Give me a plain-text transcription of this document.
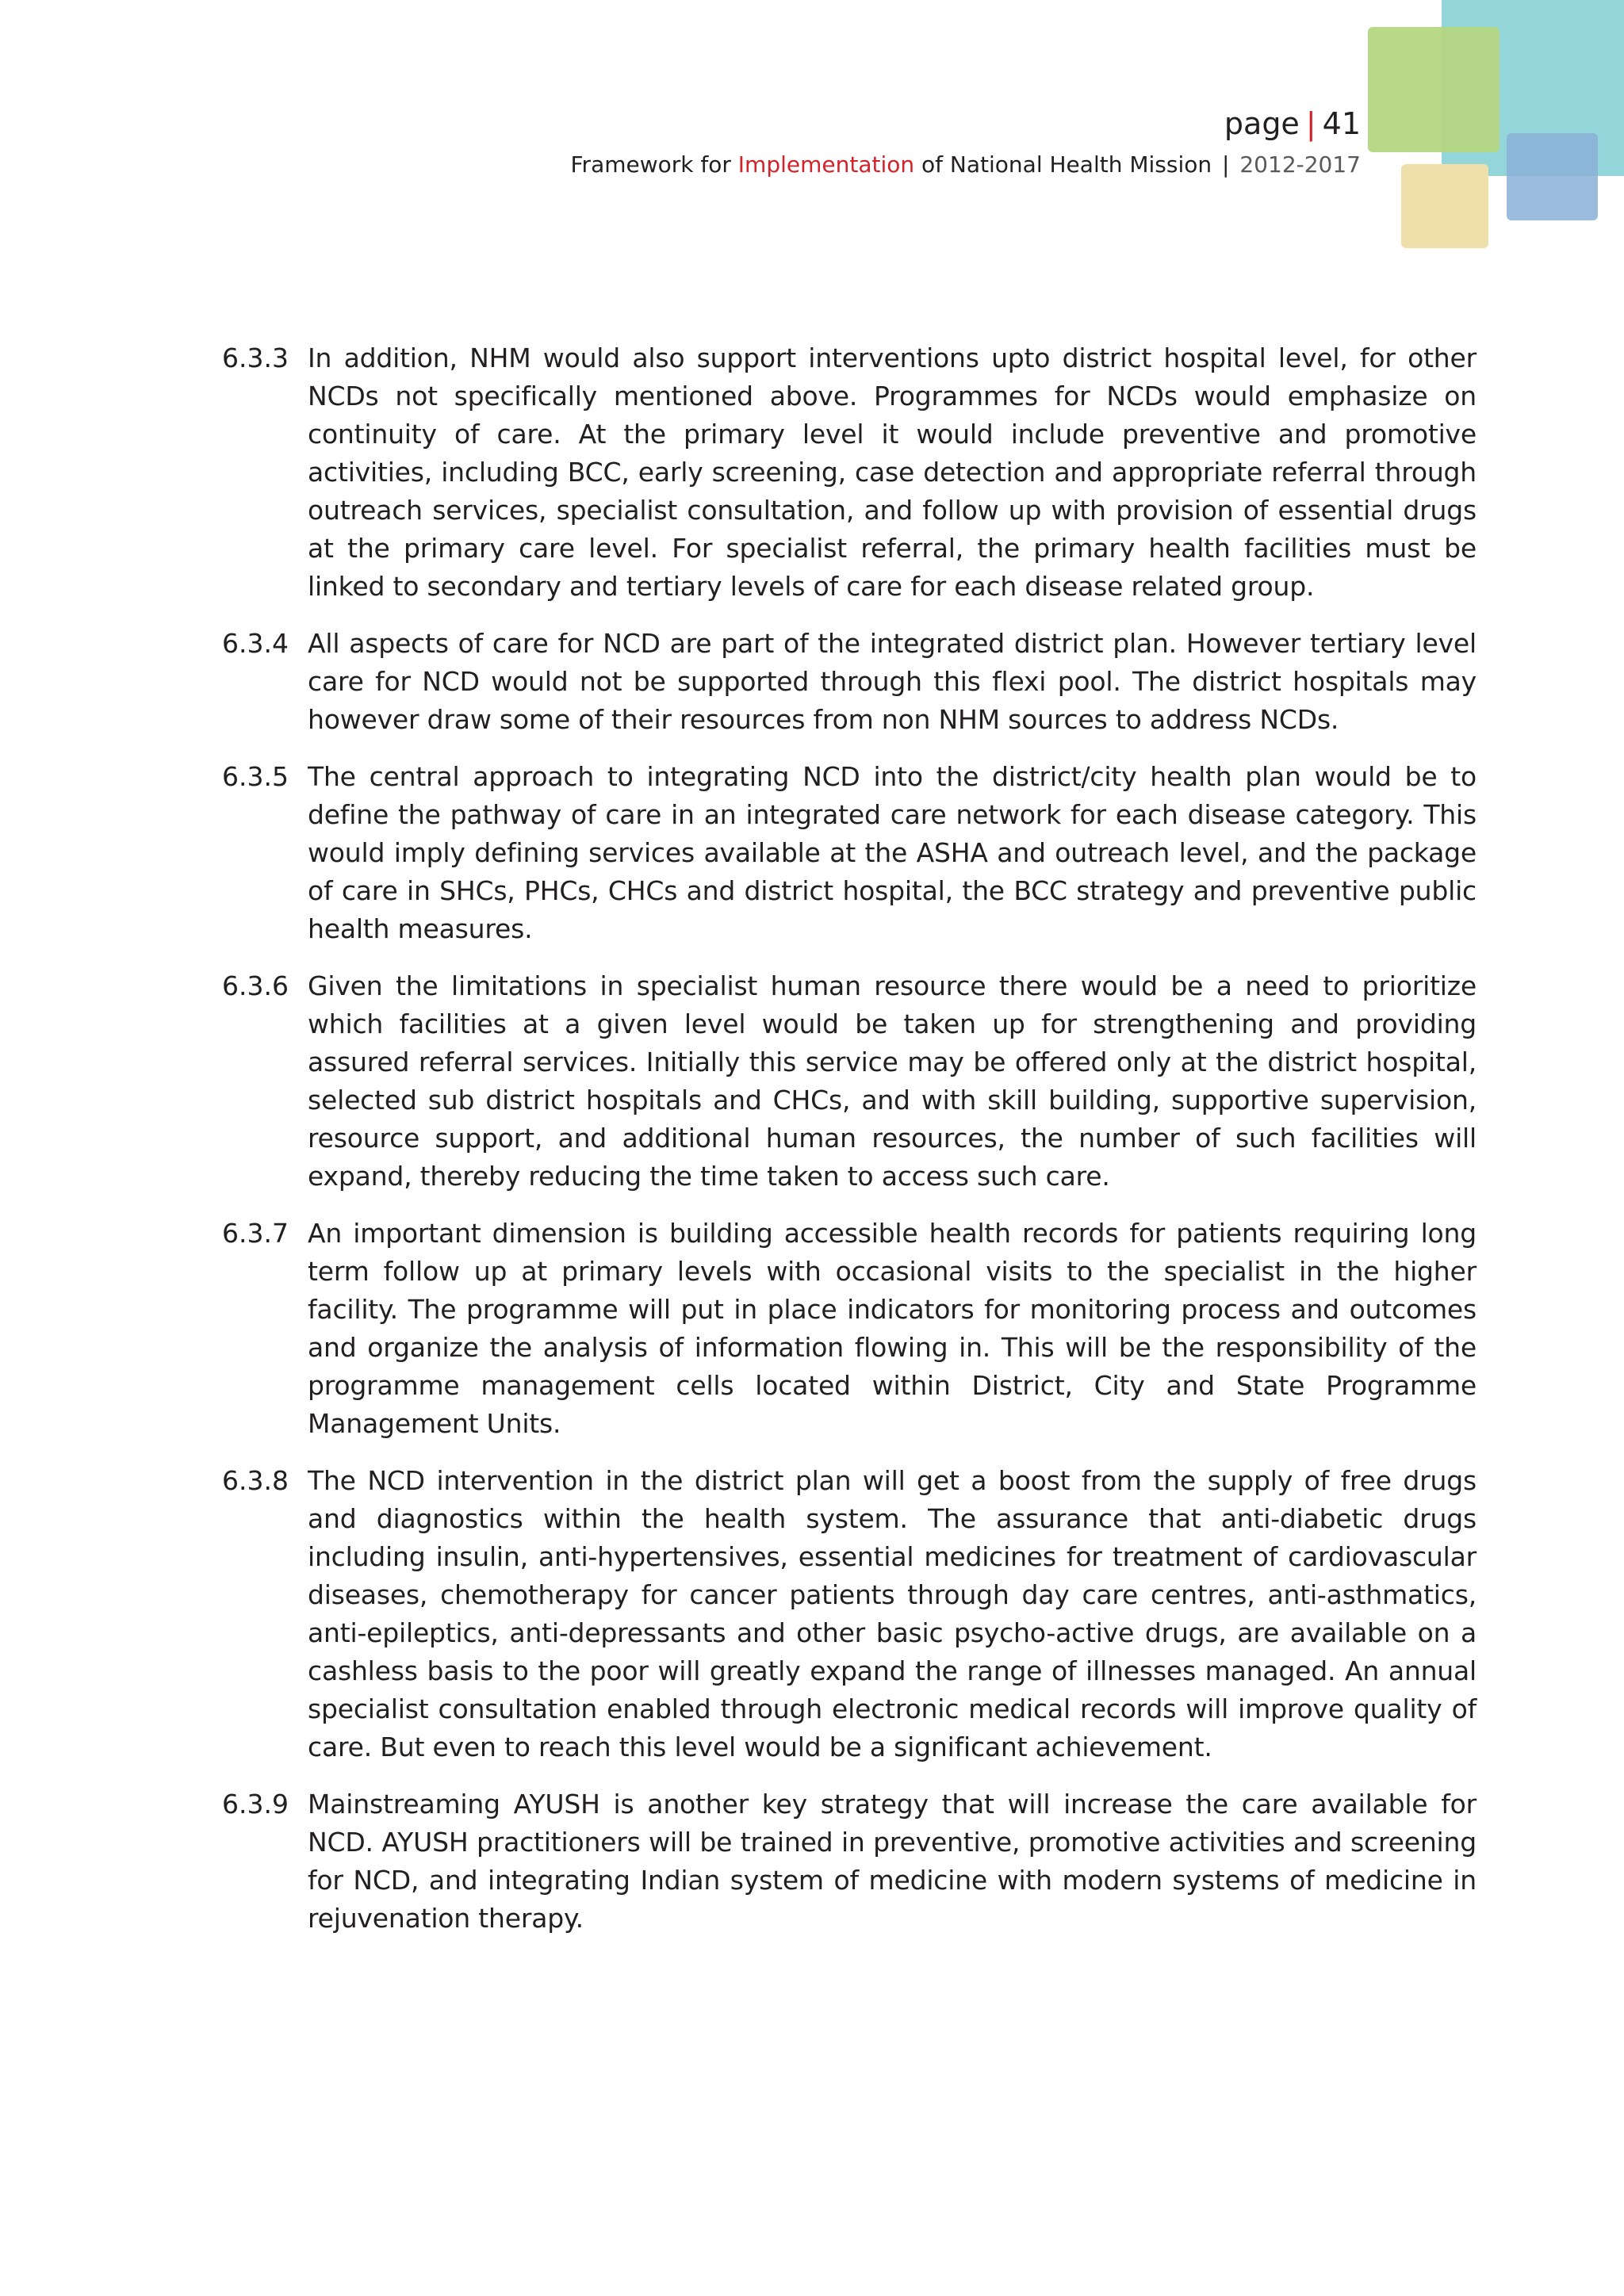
page | 41
Framework for Implementation of National Health Mission | 2012-2017
6.3.3 In addition, NHM would also support interventions upto district hospital level, for other NCDs not specifically mentioned above. Programmes for NCDs would emphasize on continuity of care. At the primary level it would include preventive and promotive activities, including BCC, early screening, case detection and appropriate referral through outreach services, specialist consultation, and follow up with provision of essential drugs at the primary care level. For specialist referral, the primary health facilities must be linked to secondary and tertiary levels of care for each disease related group.
6.3.4 All aspects of care for NCD are part of the integrated district plan. However tertiary level care for NCD would not be supported through this flexi pool. The district hospitals may however draw some of their resources from non NHM sources to address NCDs.
6.3.5 The central approach to integrating NCD into the district/city health plan would be to define the pathway of care in an integrated care network for each disease category. This would imply defining services available at the ASHA and outreach level, and the package of care in SHCs, PHCs, CHCs and district hospital, the BCC strategy and preventive public health measures.
6.3.6 Given the limitations in specialist human resource there would be a need to prioritize which facilities at a given level would be taken up for strengthening and providing assured referral services. Initially this service may be offered only at the district hospital, selected sub district hospitals and CHCs, and with skill building, supportive supervision, resource support, and additional human resources, the number of such facilities will expand, thereby reducing the time taken to access such care.
6.3.7 An important dimension is building accessible health records for patients requiring long term follow up at primary levels with occasional visits to the specialist in the higher facility. The programme will put in place indicators for monitoring process and outcomes and organize the analysis of information flowing in. This will be the responsibility of the programme management cells located within District, City and State Programme Management Units.
6.3.8 The NCD intervention in the district plan will get a boost from the supply of free drugs and diagnostics within the health system. The assurance that anti-diabetic drugs including insulin, anti-hypertensives, essential medicines for treatment of cardiovascular diseases, chemotherapy for cancer patients through day care centres, anti-asthmatics, anti-epileptics, anti-depressants and other basic psycho-active drugs, are available on a cashless basis to the poor will greatly expand the range of illnesses managed. An annual specialist consultation enabled through electronic medical records will improve quality of care. But even to reach this level would be a significant achievement.
6.3.9 Mainstreaming AYUSH is another key strategy that will increase the care available for NCD. AYUSH practitioners will be trained in preventive, promotive activities and screening for NCD, and integrating Indian system of medicine with modern systems of medicine in rejuvenation therapy.
